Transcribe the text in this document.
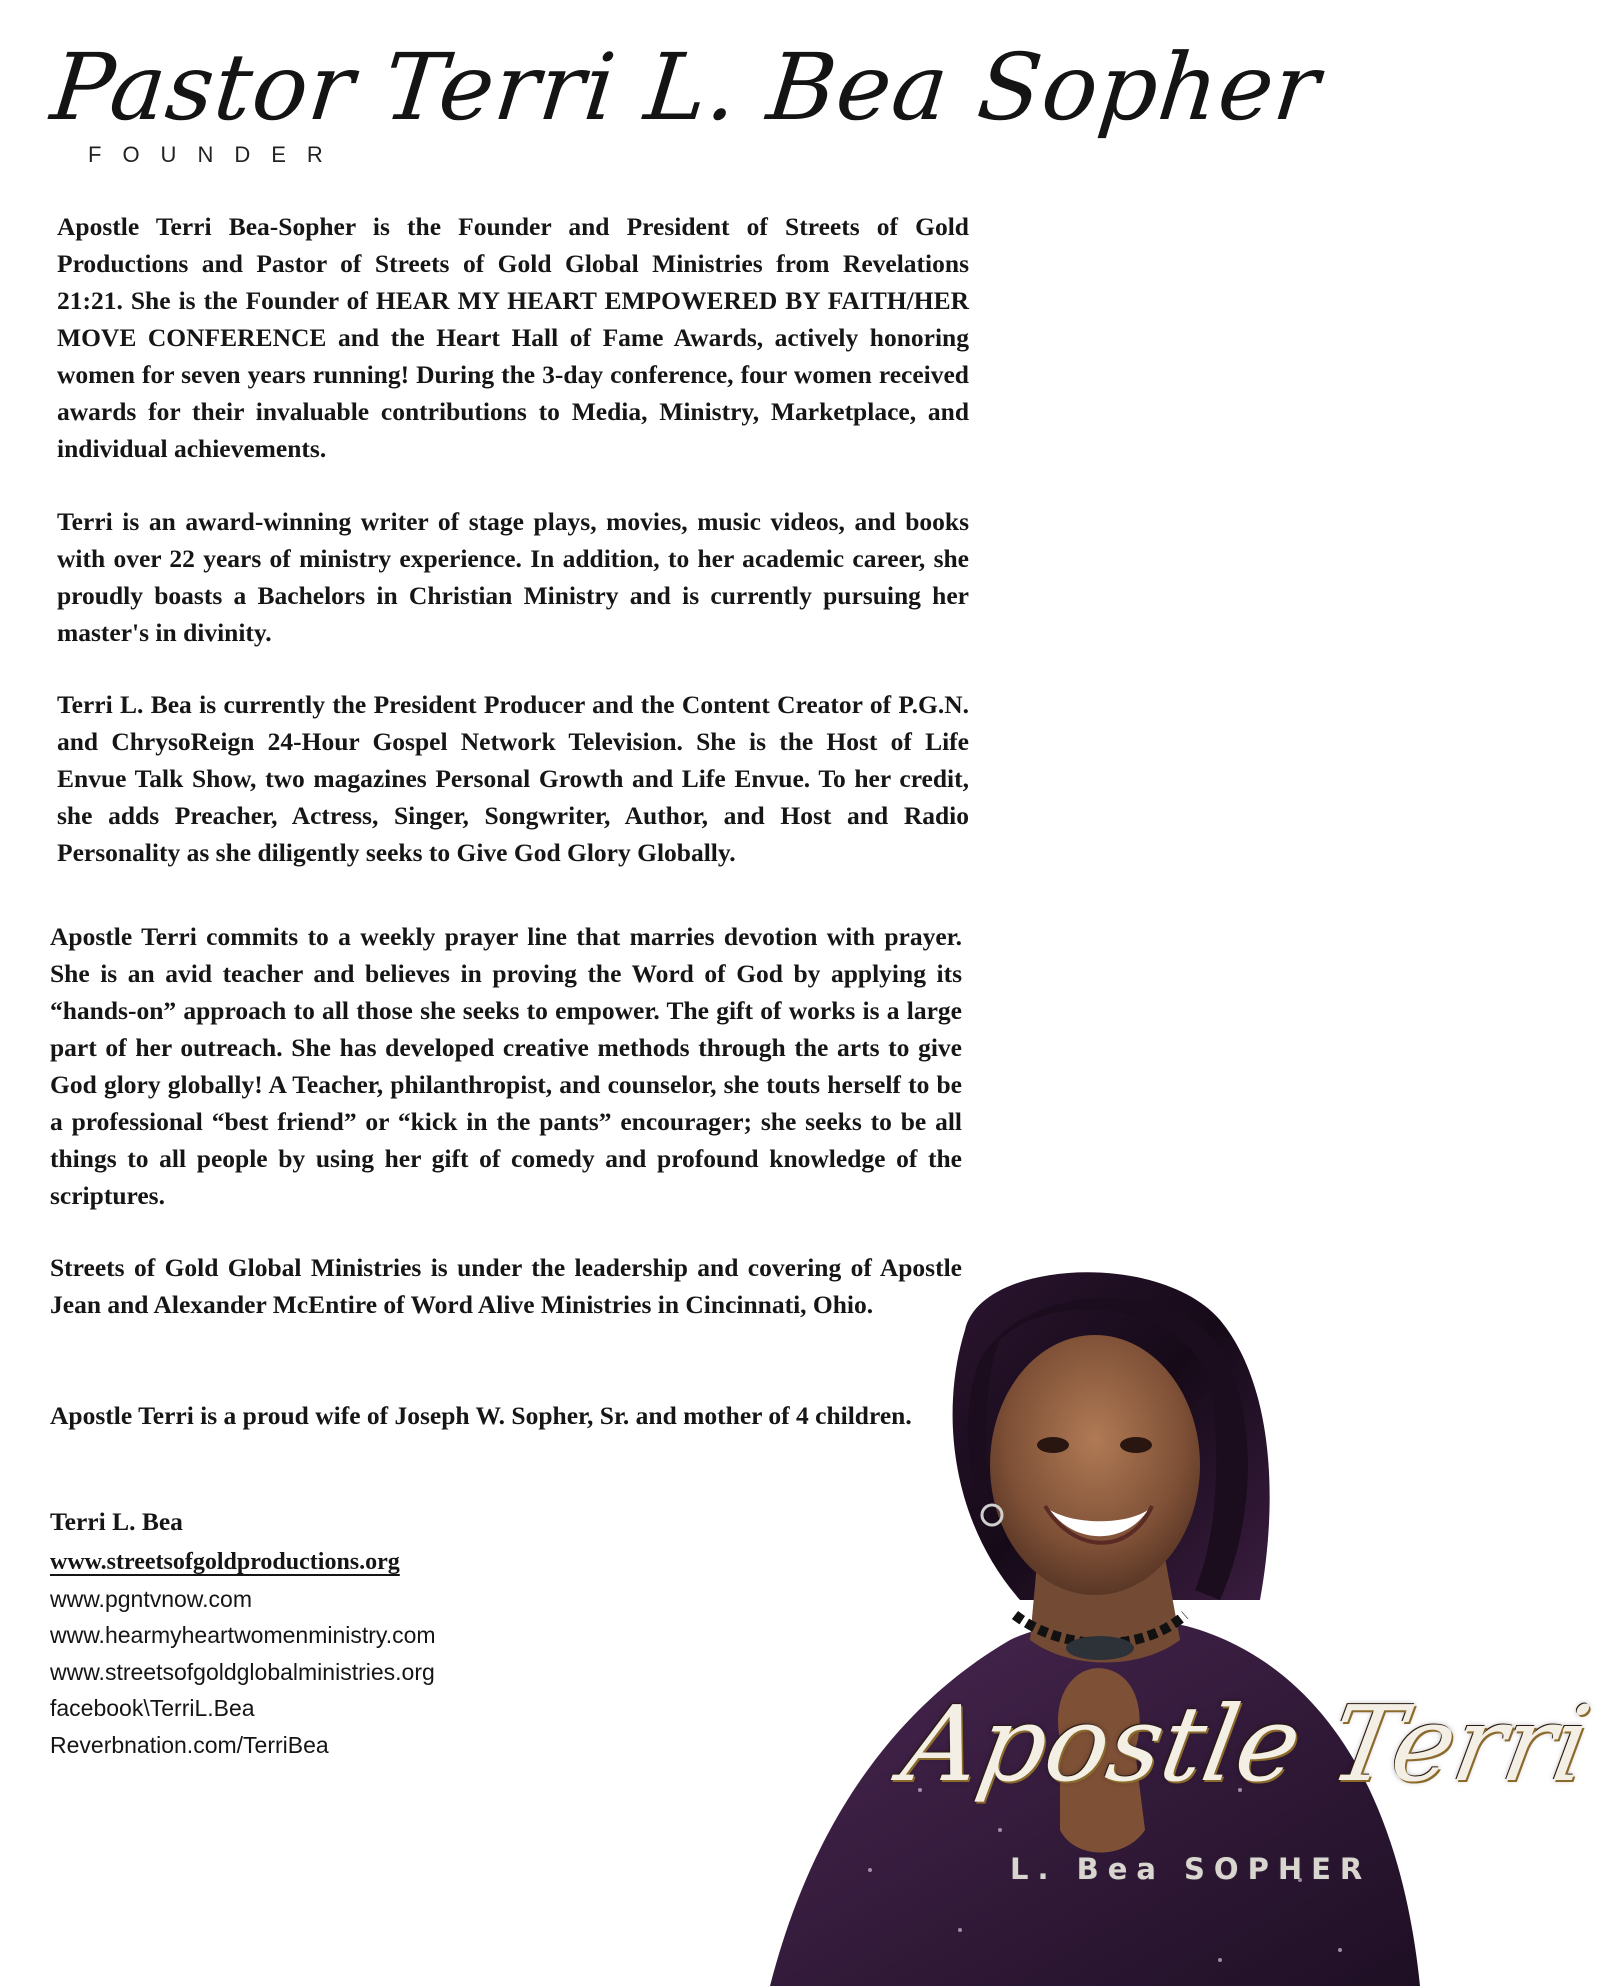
Pastor Terri L. Bea Sopher
FOUNDER

Apostle Terri Bea-Sopher is the Founder and President of Streets of Gold Productions and Pastor of Streets of Gold Global Ministries from Revelations 21:21. She is the Founder of HEAR MY HEART EMPOWERED BY FAITH/HER MOVE CONFERENCE and the Heart Hall of Fame Awards, actively honoring women for seven years running! During the 3-day conference, four women received awards for their invaluable contributions to Media, Ministry, Marketplace, and individual achievements.

Terri is an award-winning writer of stage plays, movies, music videos, and books with over 22 years of ministry experience. In addition, to her academic career, she proudly boasts a Bachelors in Christian Ministry and is currently pursuing her master's in divinity.

Terri L. Bea is currently the President Producer and the Content Creator of P.G.N. and ChrysoReign 24-Hour Gospel Network Television. She is the Host of Life Envue Talk Show, two magazines Personal Growth and Life Envue. To her credit, she adds Preacher, Actress, Singer, Songwriter, Author, and Host and Radio Personality as she diligently seeks to Give God Glory Globally.

Apostle Terri commits to a weekly prayer line that marries devotion with prayer. She is an avid teacher and believes in proving the Word of God by applying its “hands-on” approach to all those she seeks to empower. The gift of works is a large part of her outreach. She has developed creative methods through the arts to give God glory globally! A Teacher, philanthropist, and counselor, she touts herself to be a professional “best friend” or “kick in the pants” encourager; she seeks to be all things to all people by using her gift of comedy and profound knowledge of the scriptures.

Streets of Gold Global Ministries is under the leadership and covering of Apostle Jean and Alexander McEntire of Word Alive Ministries in Cincinnati, Ohio.

Apostle Terri is a proud wife of Joseph W. Sopher, Sr. and mother of 4 children.

Terri L. Bea
www.streetsofgoldproductions.org
www.pgntvnow.com
www.hearmyheartwomenministry.com
www.streetsofgoldglobalministries.org
facebook\TerriL.Bea
Reverbnation.com/TerriBea	Apostle Terri
L. Bea SOPHER
